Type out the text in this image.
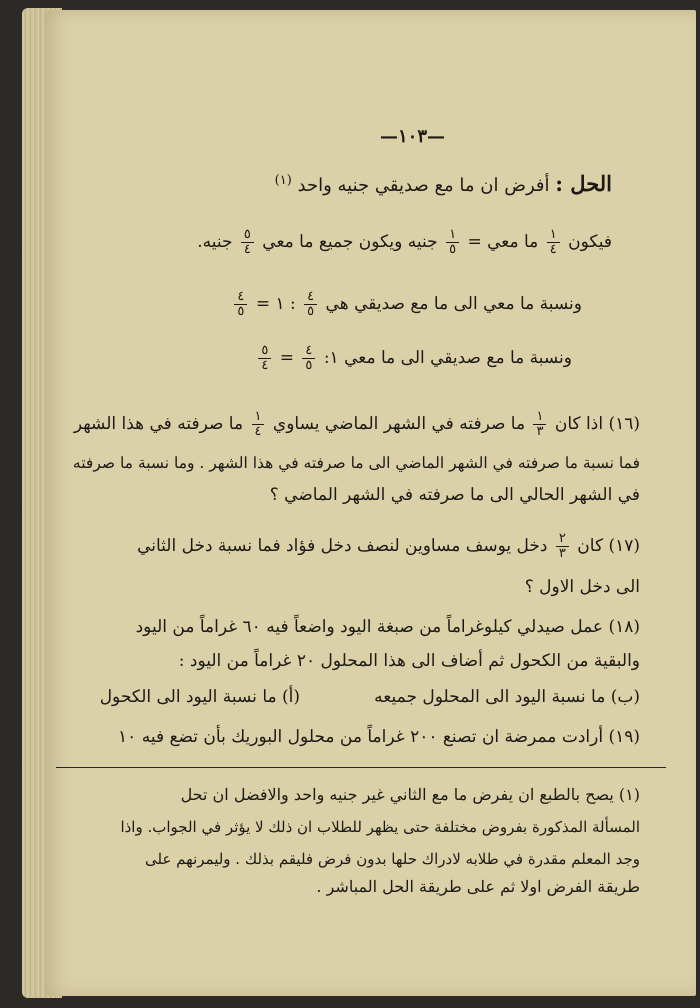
—١٠٣—
الحل : أفرض ان ما مع صديقي جنيه واحد $^{(١)}$
فيكون
$\frac{١}{٤}$
ما معي =
$\frac{١}{٥}$
جنيه ويكون جميع ما معي
$\frac{٥}{٤}$
جنيه.
ونسبة ما معي الى ما مع صديقي هي
$\frac{٤}{٥}$
: ١ =
$\frac{٤}{٥}$
ونسبة ما مع صديقي الى ما معي ١:
$\frac{٤}{٥}$
=
$\frac{٥}{٤}$
(١٦) اذا كان
$\frac{١}{٣}$
ما صرفته في الشهر الماضي يساوي
$\frac{١}{٤}$
ما صرفته في هذا الشهر
فما نسبة ما صرفته في الشهر الماضي الى ما صرفته في هذا الشهر . وما نسبة ما صرفته
في الشهر الحالي الى ما صرفته في الشهر الماضي ؟
(١٧) كان
$\frac{٢}{٣}$
دخل يوسف مساوين لنصف دخل فؤاد فما نسبة دخل الثاني
الى دخل الاول ؟
(١٨) عمل صيدلي كيلوغراماً من صبغة اليود واضعاً فيه ٦٠ غراماً من اليود
والبقية من الكحول ثم أضاف الى هذا المحلول ٢٠ غراماً من اليود :
(أ) ما نسبة اليود الى الكحول	(ب) ما نسبة اليود الى المحلول جميعه
(١٩) أرادت ممرضة ان تصنع ٢٠٠ غراماً من محلول البوريك بأن تضع فيه ١٠
(١) يصح بالطبع ان يفرض ما مع الثاني غير جنيه واحد والافضل ان تحل
المسألة المذكورة بفروض مختلفة حتى يظهر للطلاب ان ذلك لا يؤثر في الجواب. واذا
وجد المعلم مقدرة في طلابه لادراك حلها بدون فرض فليقم بذلك . وليمرنهم على
طريقة الفرض اولا ثم على طريقة الحل المباشر .
